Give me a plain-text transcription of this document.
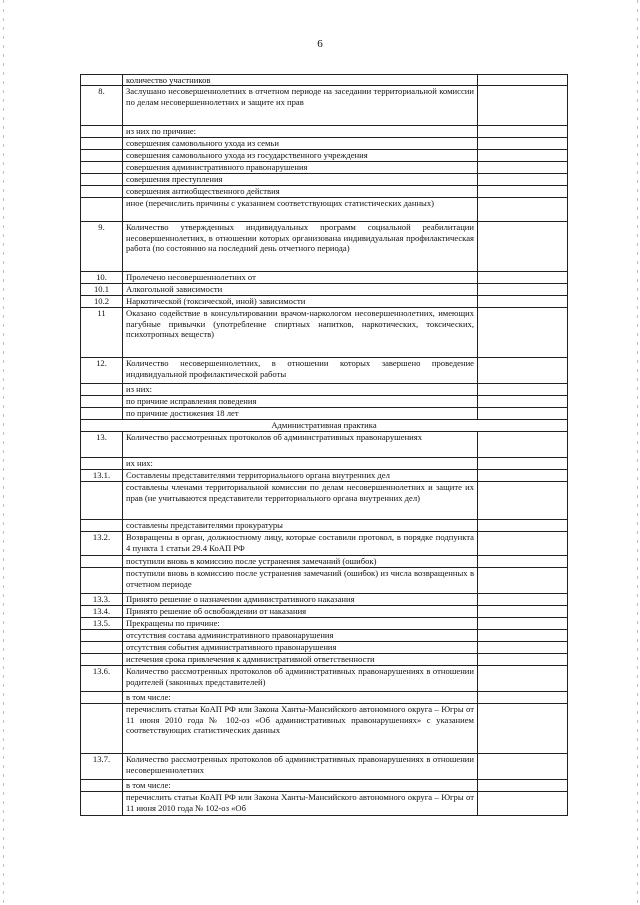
6
	количество участников	
8.	Заслушано несовершеннолетних в отчетном периоде на заседании территориальной комиссии по делам несовершеннолетних и защите их прав	
	из них по причине:	
	совершения самовольного ухода из семьи	
	совершения самовольного ухода из государственного учреждения	
	совершения административного правонарушения	
	совершения преступления	
	совершения антиобщественного действия	
	иное (перечислить причины с указанием соответствующих статистических данных)	
9.	Количество утвержденных индивидуальных программ социальной реабилитации несовершеннолетних, в отношении которых организована индивидуальная профилактическая работа (по состоянию на последний день отчетного периода)	
10.	Пролечено несовершеннолетних от	
10.1	Алкогольной зависимости	
10.2	Наркотической (токсической, иной) зависимости	
11	Оказано содействие в консультировании врачом-наркологом несовершеннолетних, имеющих пагубные привычки (употребление спиртных напитков, наркотических, токсических, психотропных веществ)	
12.	Количество несовершеннолетних, в отношении которых завершено проведение индивидуальной профилактической работы	
	из них:	
	по причине исправления поведения	
	по причине достижения 18 лет	
Административная практика		
13.	Количество рассмотренных протоколов об административных правонарушениях	
	их них:	
13.1.	Составлены представителями территориального органа внутренних дел	
	составлены членами территориальной комиссии по делам несовершеннолетних и защите их прав (не учитываются представители территориального органа внутренних дел)	
	составлены представителями прокуратуры	
13.2.	Возвращены в орган, должностному лицу, которые составили протокол, в порядке подпункта 4 пункта 1 статьи 29.4 КоАП РФ	
	поступили вновь в комиссию после устранения замечаний (ошибок)	
	поступили вновь в комиссию после устранения замечаний (ошибок) из числа возвращенных в отчетном периоде	
13.3.	Принято решение о назначении административного наказания	
13.4.	Принято решение об освобождении от наказания	
13.5.	Прекращены по причине:	
	отсутствия состава административного правонарушения	
	отсутствия события административного правонарушения	
	истечения срока привлечения к административной ответственности	
13.6.	Количество рассмотренных протоколов об административных правонарушениях в отношении родителей (законных представителей)	
	в том числе:	
	перечислить статьи КоАП РФ или Закона Ханты-Мансийского автономного округа – Югры от 11 июня 2010 года № 102-оз «Об административных правонарушениях» с указанием соответствующих статистических данных	
13.7.	Количество рассмотренных протоколов об административных правонарушениях в отношении несовершеннолетних	
	в том числе:	
	перечислить статьи КоАП РФ или Закона Ханты-Мансийского автономного округа – Югры от 11 июня 2010 года № 102-оз «Об	
